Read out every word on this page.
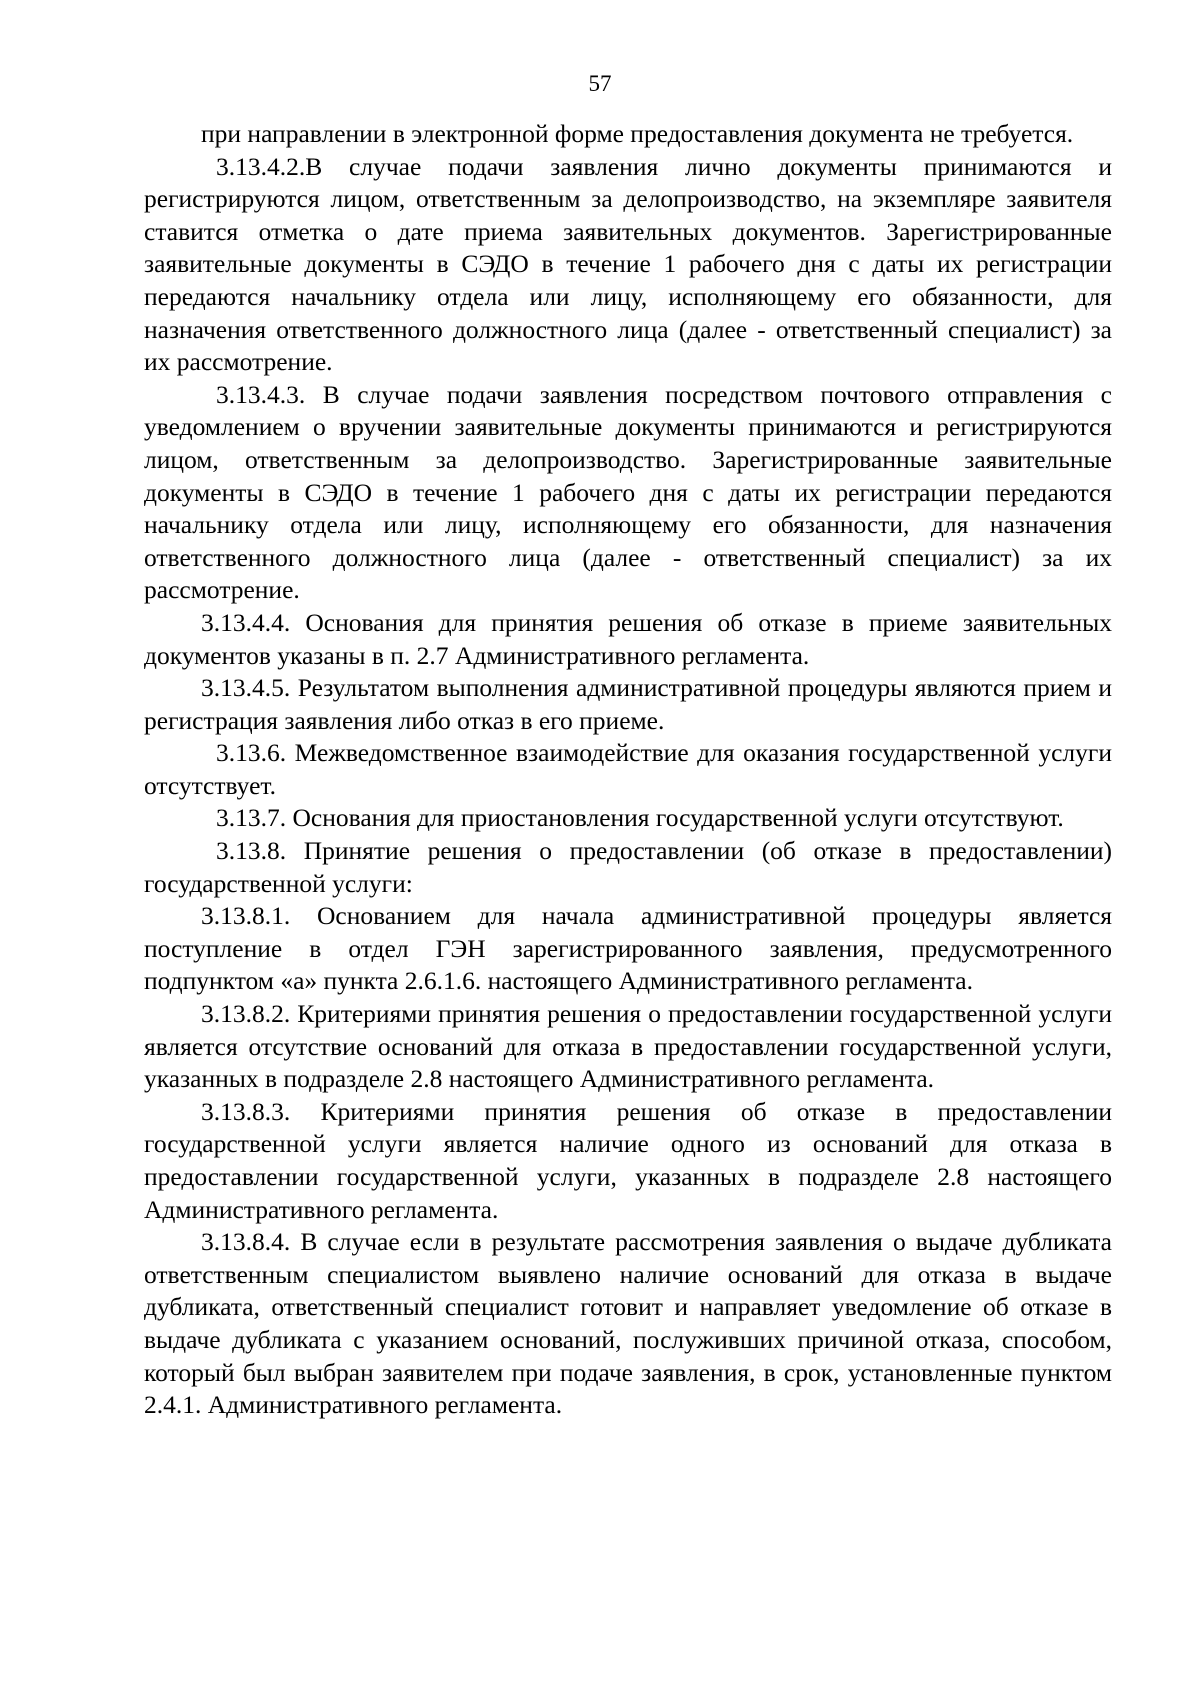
57

при направлении в электронной форме предоставления документа не требуется.

3.13.4.2.В случае подачи заявления лично документы принимаются и регистрируются лицом, ответственным за делопроизводство, на экземпляре заявителя ставится отметка о дате приема заявительных документов. Зарегистрированные заявительные документы в СЭДО в течение 1 рабочего дня с даты их регистрации передаются начальнику отдела или лицу, исполняющему его обязанности, для назначения ответственного должностного лица (далее - ответственный специалист) за их рассмотрение.

3.13.4.3. В случае подачи заявления посредством почтового отправления с уведомлением о вручении заявительные документы принимаются и регистрируются лицом, ответственным за делопроизводство. Зарегистрированные заявительные документы в СЭДО в течение 1 рабочего дня с даты их регистрации передаются начальнику отдела или лицу, исполняющему его обязанности, для назначения ответственного должностного лица (далее - ответственный специалист) за их рассмотрение.

3.13.4.4. Основания для принятия решения об отказе в приеме заявительных документов указаны в п. 2.7 Административного регламента.

3.13.4.5. Результатом выполнения административной процедуры являются прием и регистрация заявления либо отказ в его приеме.

3.13.6. Межведомственное взаимодействие для оказания государственной услуги отсутствует.

3.13.7. Основания для приостановления государственной услуги отсутствуют.

3.13.8. Принятие решения о предоставлении (об отказе в предоставлении) государственной услуги:

3.13.8.1. Основанием для начала административной процедуры является поступление в отдел ГЭН зарегистрированного заявления, предусмотренного подпунктом «а» пункта 2.6.1.6. настоящего Административного регламента.

3.13.8.2. Критериями принятия решения о предоставлении государственной услуги является отсутствие оснований для отказа в предоставлении государственной услуги, указанных в подразделе 2.8 настоящего Административного регламента.

3.13.8.3. Критериями принятия решения об отказе в предоставлении государственной услуги является наличие одного из оснований для отказа в предоставлении государственной услуги, указанных в подразделе 2.8 настоящего Административного регламента.

3.13.8.4. В случае если в результате рассмотрения заявления о выдаче дубликата ответственным специалистом выявлено наличие оснований для отказа в выдаче дубликата, ответственный специалист готовит и направляет уведомление об отказе в выдаче дубликата с указанием оснований, послуживших причиной отказа, способом, который был выбран заявителем при подаче заявления, в срок, установленные пунктом 2.4.1. Административного регламента.
